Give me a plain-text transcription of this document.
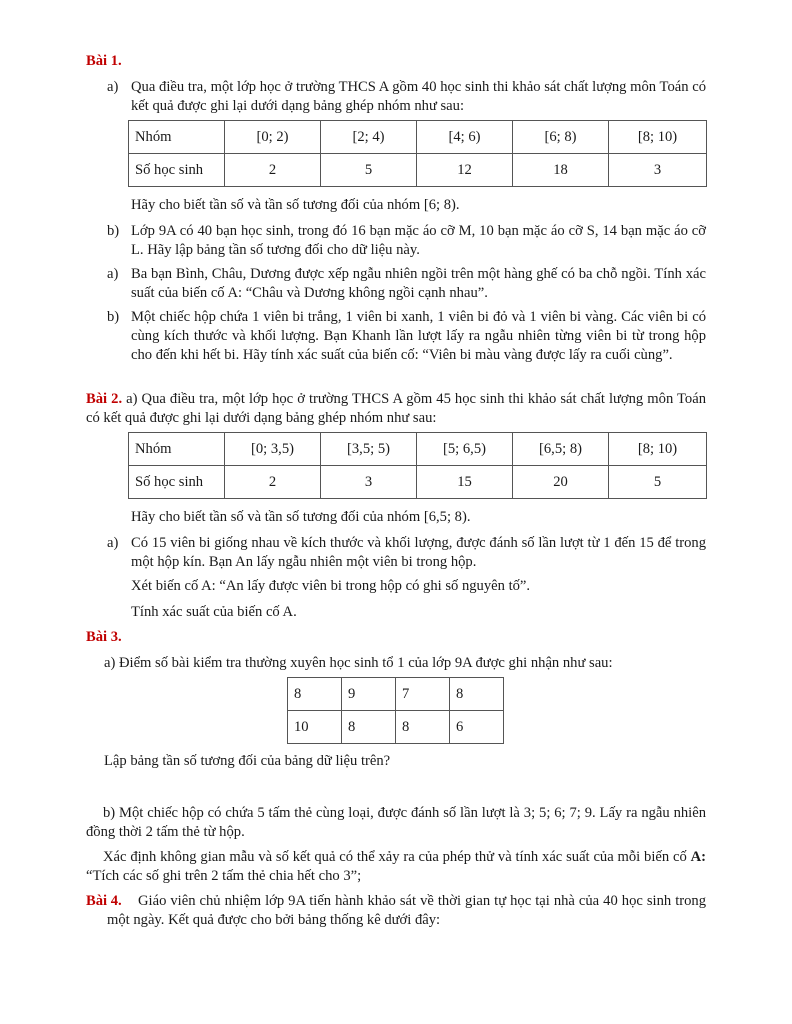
Bài 1.
a) Qua điều tra, một lớp học ở trường THCS A gồm 40 học sinh thi khảo sát chất lượng môn Toán có kết quả được ghi lại dưới dạng bảng ghép nhóm như sau:
Nhóm	[0; 2)	[2; 4)	[4; 6)	[6; 8)	[8; 10)
Số học sinh	2	5	12	18	3
Hãy cho biết tần số và tần số tương đối của nhóm [6; 8).
b) Lớp 9A có 40 bạn học sinh, trong đó 16 bạn mặc áo cỡ M, 10 bạn mặc áo cỡ S, 14 bạn mặc áo cỡ L. Hãy lập bảng tần số tương đối cho dữ liệu này.
a) Ba bạn Bình, Châu, Dương được xếp ngẫu nhiên ngồi trên một hàng ghế có ba chỗ ngồi. Tính xác suất của biến cố A: “Châu và Dương không ngồi cạnh nhau”.
b) Một chiếc hộp chứa 1 viên bi trắng, 1 viên bi xanh, 1 viên bi đỏ và 1 viên bi vàng. Các viên bi có cùng kích thước và khối lượng. Bạn Khanh lần lượt lấy ra ngẫu nhiên từng viên bi từ trong hộp cho đến khi hết bi. Hãy tính xác suất của biến cố: “Viên bi màu vàng được lấy ra cuối cùng”.
Bài 2. a) Qua điều tra, một lớp học ở trường THCS A gồm 45 học sinh thi khảo sát chất lượng môn Toán có kết quả được ghi lại dưới dạng bảng ghép nhóm như sau:
Nhóm	[0; 3,5)	[3,5; 5)	[5; 6,5)	[6,5; 8)	[8; 10)
Số học sinh	2	3	15	20	5
Hãy cho biết tần số và tần số tương đối của nhóm [6,5; 8).
a) Có 15 viên bi giống nhau về kích thước và khối lượng, được đánh số lần lượt từ 1 đến 15 để trong một hộp kín. Bạn An lấy ngẫu nhiên một viên bi trong hộp.
Xét biến cố A: “An lấy được viên bi trong hộp có ghi số nguyên tố”.
Tính xác suất của biến cố A.
Bài 3.
a) Điểm số bài kiểm tra thường xuyên học sinh tổ 1 của lớp 9A được ghi nhận như sau:
8	9	7	8
10	8	8	6
Lập bảng tần số tương đối của bảng dữ liệu trên?
b) Một chiếc hộp có chứa 5 tấm thẻ cùng loại, được đánh số lần lượt là 3; 5; 6; 7; 9. Lấy ra ngẫu nhiên đồng thời 2 tấm thẻ từ hộp.
Xác định không gian mẫu và số kết quả có thể xảy ra của phép thử và tính xác suất của mỗi biến cố A: “Tích các số ghi trên 2 tấm thẻ chia hết cho 3”;
Bài 4.	Giáo viên chủ nhiệm lớp 9A tiến hành khảo sát về thời gian tự học tại nhà của 40 học sinh trong một ngày. Kết quả được cho bởi bảng thống kê dưới đây:
